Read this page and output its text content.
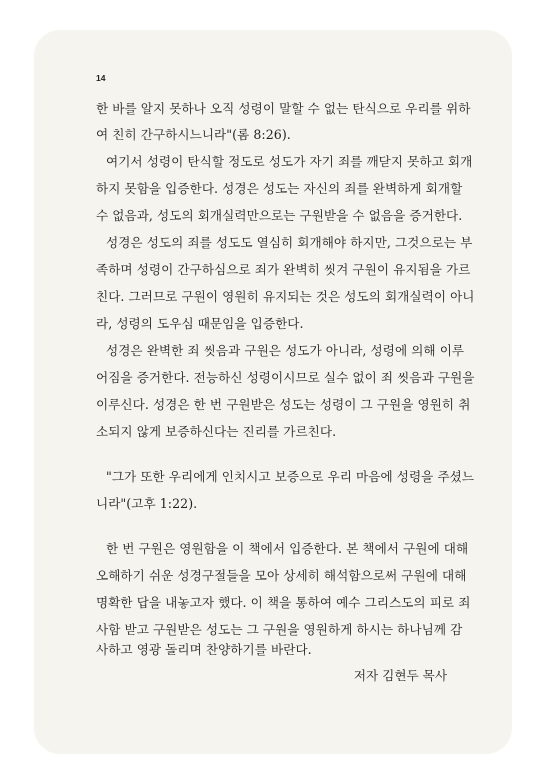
14
한 바를 알지 못하나 오직 성령이 말할 수 없는 탄식으로 우리를 위하
여 친히 간구하시느니라"(롬 8:26).
여기서 성령이 탄식할 정도로 성도가 자기 죄를 깨닫지 못하고 회개
하지 못함을 입증한다. 성경은 성도는 자신의 죄를 완벽하게 회개할
수 없음과, 성도의 회개실력만으로는 구원받을 수 없음을 증거한다.
성경은 성도의 죄를 성도도 열심히 회개해야 하지만, 그것으로는 부
족하며 성령이 간구하심으로 죄가 완벽히 씻겨 구원이 유지됨을 가르
친다. 그러므로 구원이 영원히 유지되는 것은 성도의 회개실력이 아니
라, 성령의 도우심 때문임을 입증한다.
성경은 완벽한 죄 씻음과 구원은 성도가 아니라, 성령에 의해 이루
어짐을 증거한다. 전능하신 성령이시므로 실수 없이 죄 씻음과 구원을
이루신다. 성경은 한 번 구원받은 성도는 성령이 그 구원을 영원히 취
소되지 않게 보증하신다는 진리를 가르친다.
"그가 또한 우리에게 인치시고 보증으로 우리 마음에 성령을 주셨느
니라"(고후 1:22).
한 번 구원은 영원함을 이 책에서 입증한다. 본 책에서 구원에 대해
오해하기 쉬운 성경구절들을 모아 상세히 해석함으로써 구원에 대해
명확한 답을 내놓고자 했다. 이 책을 통하여 예수 그리스도의 피로 죄
사함 받고 구원받은 성도는 그 구원을 영원하게 하시는 하나님께 감
사하고 영광 돌리며 찬양하기를 바란다.
저자 김현두 목사
